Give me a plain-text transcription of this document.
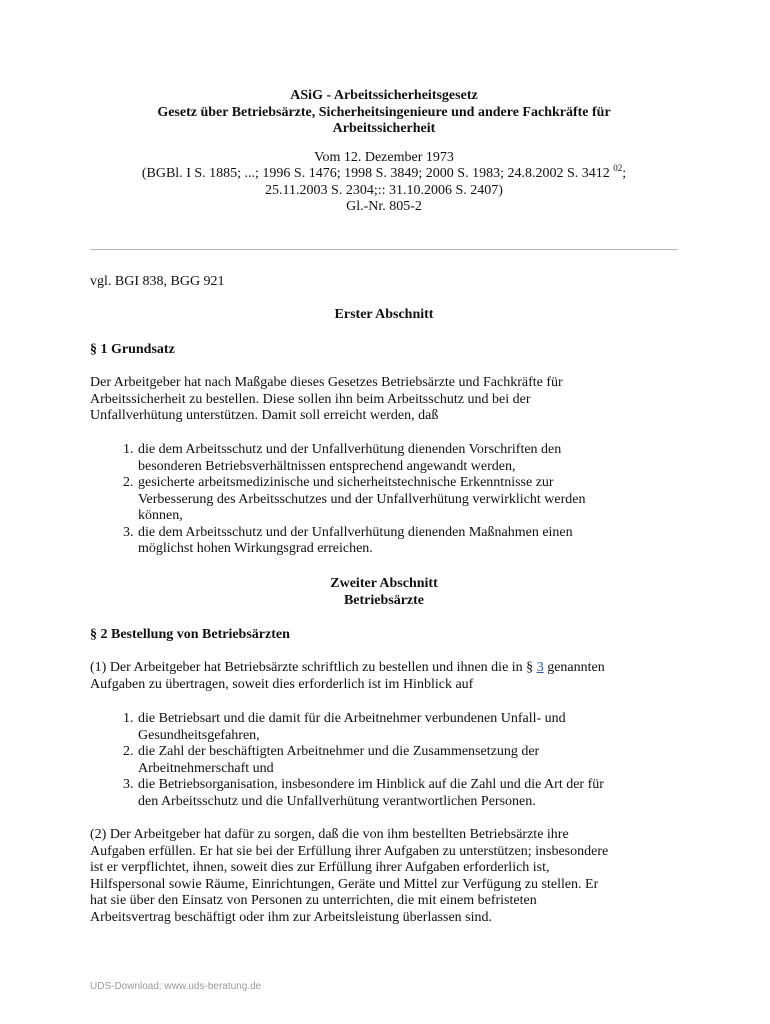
ASiG - Arbeitssicherheitsgesetz
Gesetz über Betriebsärzte, Sicherheitsingenieure und andere Fachkräfte für
Arbeitssicherheit
Vom 12. Dezember 1973
(BGBl. I S. 1885; ...; 1996 S. 1476; 1998 S. 3849; 2000 S. 1983; 24.8.2002 S. 3412 $^{02}$;
25.11.2003 S. 2304;:: 31.10.2006 S. 2407)
Gl.-Nr. 805-2
vgl. BGI 838, BGG 921
Erster Abschnitt
§ 1 Grundsatz
Der Arbeitgeber hat nach Maßgabe dieses Gesetzes Betriebsärzte und Fachkräfte für
Arbeitssicherheit zu bestellen. Diese sollen ihn beim Arbeitsschutz und bei der
Unfallverhütung unterstützen. Damit soll erreicht werden, daß
1. die dem Arbeitsschutz und der Unfallverhütung dienenden Vorschriften den
besonderen Betriebsverhältnissen entsprechend angewandt werden,
2. gesicherte arbeitsmedizinische und sicherheitstechnische Erkenntnisse zur
Verbesserung des Arbeitsschutzes und der Unfallverhütung verwirklicht werden
können,
3. die dem Arbeitsschutz und der Unfallverhütung dienenden Maßnahmen einen
möglichst hohen Wirkungsgrad erreichen.
Zweiter Abschnitt
Betriebsärzte
§ 2 Bestellung von Betriebsärzten
(1) Der Arbeitgeber hat Betriebsärzte schriftlich zu bestellen und ihnen die in § 3 genannten
Aufgaben zu übertragen, soweit dies erforderlich ist im Hinblick auf
1. die Betriebsart und die damit für die Arbeitnehmer verbundenen Unfall- und
Gesundheitsgefahren,
2. die Zahl der beschäftigten Arbeitnehmer und die Zusammensetzung der
Arbeitnehmerschaft und
3. die Betriebsorganisation, insbesondere im Hinblick auf die Zahl und die Art der für
den Arbeitsschutz und die Unfallverhütung verantwortlichen Personen.
(2) Der Arbeitgeber hat dafür zu sorgen, daß die von ihm bestellten Betriebsärzte ihre
Aufgaben erfüllen. Er hat sie bei der Erfüllung ihrer Aufgaben zu unterstützen; insbesondere
ist er verpflichtet, ihnen, soweit dies zur Erfüllung ihrer Aufgaben erforderlich ist,
Hilfspersonal sowie Räume, Einrichtungen, Geräte und Mittel zur Verfügung zu stellen. Er
hat sie über den Einsatz von Personen zu unterrichten, die mit einem befristeten
Arbeitsvertrag beschäftigt oder ihm zur Arbeitsleistung überlassen sind.
UDS-Download: www.uds-beratung.de
